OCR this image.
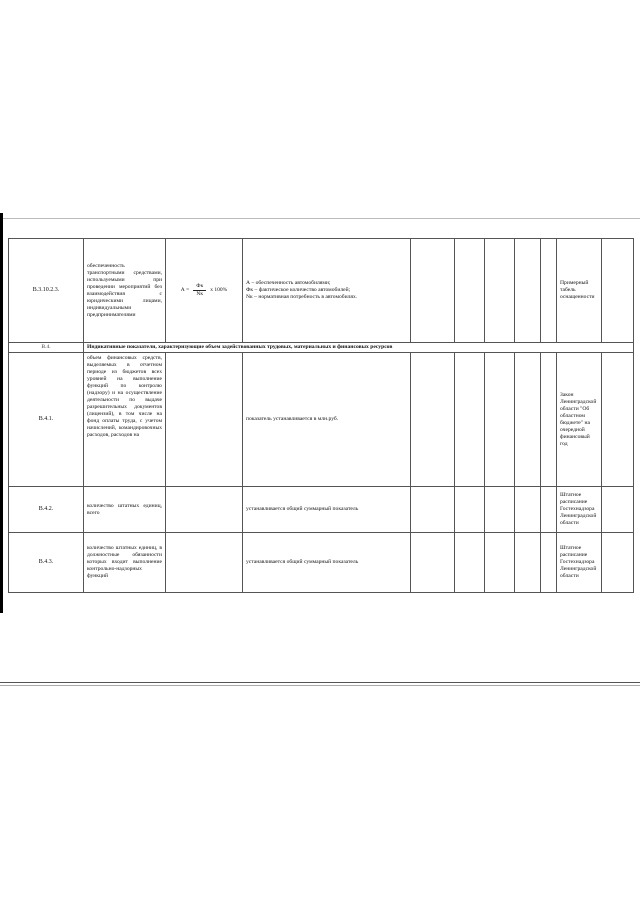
В.3.10.2.3.	обеспеченность транспортными средствами, используемыми при проведении мероприятий без взаимодействия с юридическими лицами, индивидуальными предпринимателями	$А = \frac{Фк}{Nк}$ х 100%	А – обеспеченность автомобилями;
Фк – фактическое количество автомобилей;
Nк – нормативная потребность в автомобилях.						Примерный табель оснащенности	
В.4.	Индикативные показатели, характеризующие объем задействованных трудовых, материальных и финансовых ресурсов									
В.4.1.	объем финансовых средств, выделяемых в отчетном периоде из бюджетов всех уровней на выполнение функций по контролю (надзору) и на осуществление деятельности по выдаче разрешительных документов (лицензий), в том числе на фонд оплаты труда, с учетом начислений, командировочных расходов, расходов на		показатель устанавливается в млн.руб.						Закон Ленинградской области "Об областном бюджете" на очередной финансовый год	
В.4.2.	количество штатных единиц, всего		устанавливается общий суммарный показатель						Штатное расписание Гостехнадзора Ленинградской области	
В.4.3.	количество штатных единиц, в должностные обязанности которых входит выполнение контрольно-надзорных функций		устанавливается общий суммарный показатель						Штатное расписание Гостехнадзора Ленинградской области	
